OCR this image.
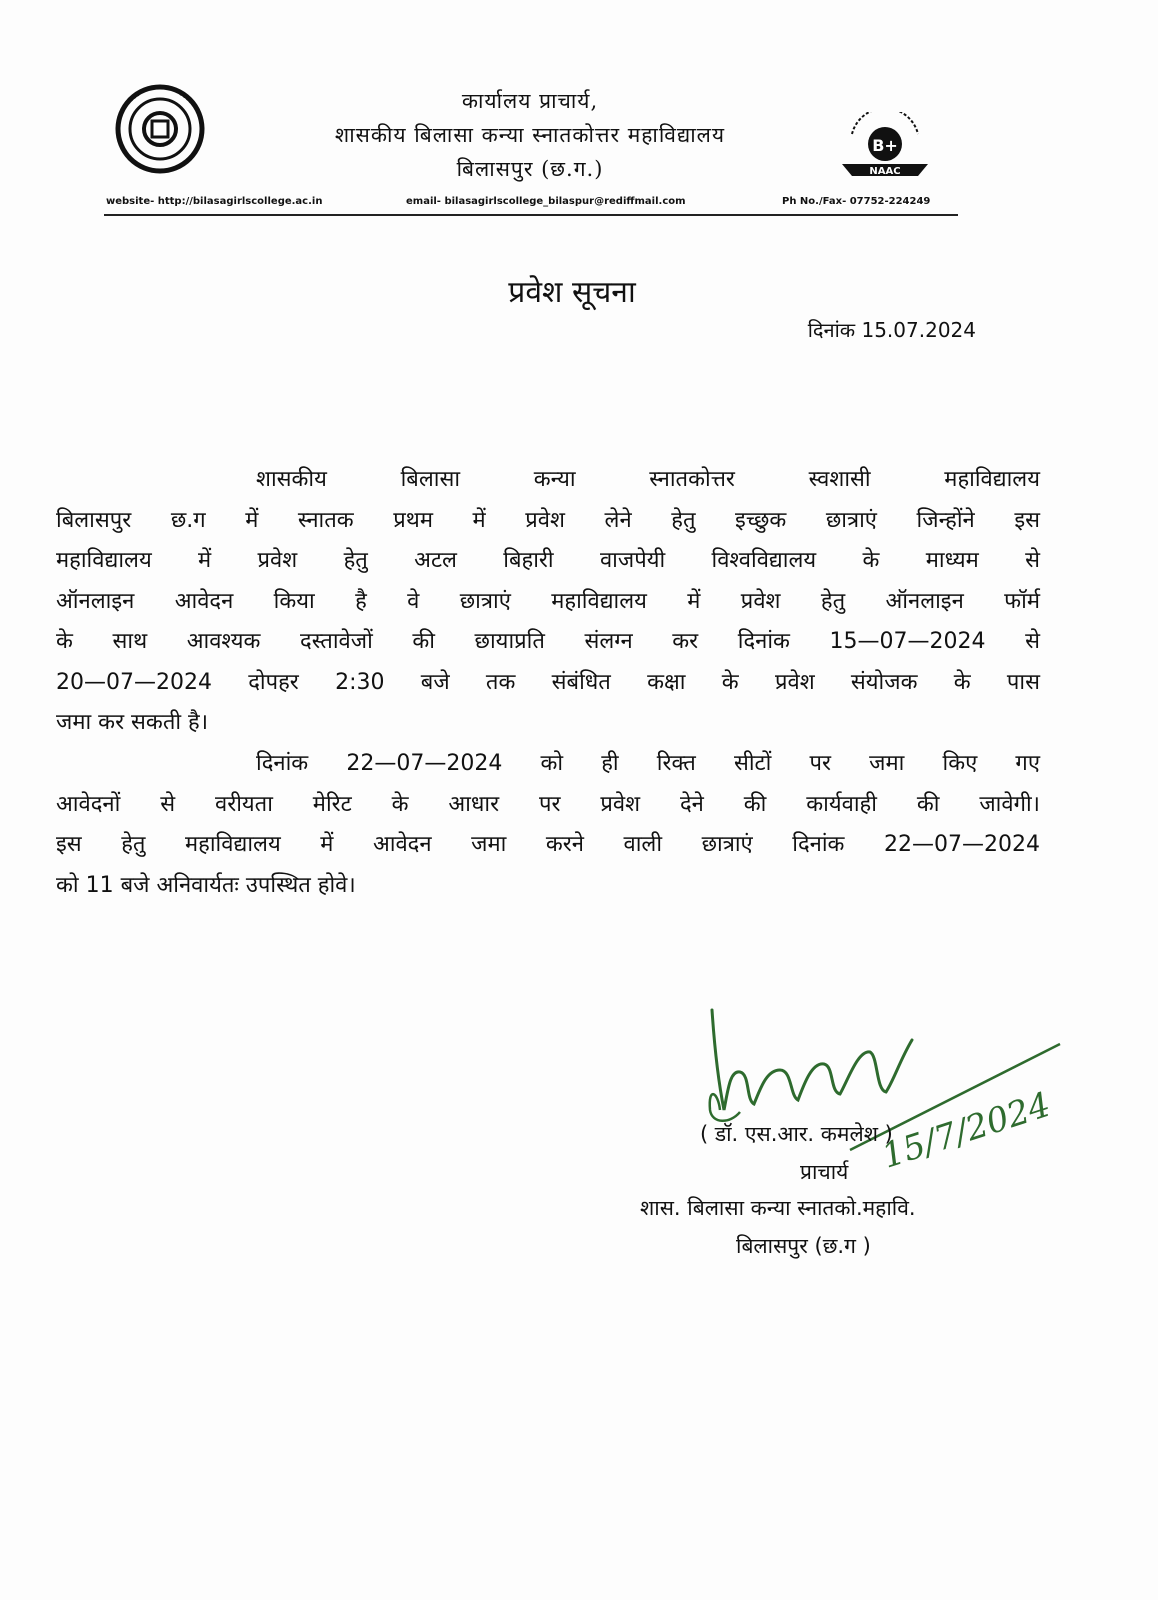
कार्यालय प्राचार्य,
शासकीय बिलासा कन्या स्नातकोत्तर महाविद्यालय
बिलासपुर (छ.ग.)
B+
NAAC
website- http://bilasagirlscollege.ac.in	email- bilasagirlscollege_bilaspur@rediffmail.com	Ph No./Fax- 07752-224249
प्रवेश सूचना
दिनांक 15.07.2024
शासकीय बिलासा कन्या स्नातकोत्तर स्वशासी महाविद्यालय
बिलासपुर छ.ग में स्नातक प्रथम में प्रवेश लेने हेतु इच्छुक छात्राएं जिन्होंने इस
महाविद्यालय में प्रवेश हेतु अटल बिहारी वाजपेयी विश्वविद्यालय के माध्यम से
ऑनलाइन आवेदन किया है वे छात्राएं महाविद्यालय में प्रवेश हेतु ऑनलाइन फॉर्म
के साथ आवश्यक दस्तावेजों की छायाप्रति संलग्न कर दिनांक 15—07—2024 से
20—07—2024 दोपहर 2:30 बजे तक संबंधित कक्षा के प्रवेश संयोजक के पास
जमा कर सकती है।
दिनांक 22—07—2024 को ही रिक्त सीटों पर जमा किए गए
आवेदनों से वरीयता मेरिट के आधार पर प्रवेश देने की कार्यवाही की जावेगी।
इस हेतु महाविद्यालय में आवेदन जमा करने वाली छात्राएं दिनांक 22—07—2024
को 11 बजे अनिवार्यतः उपस्थित होवे।
15/7/2024
( डॉ. एस.आर. कमलेश )
प्राचार्य
शास. बिलासा कन्या स्नातको.महावि.
बिलासपुर (छ.ग )
